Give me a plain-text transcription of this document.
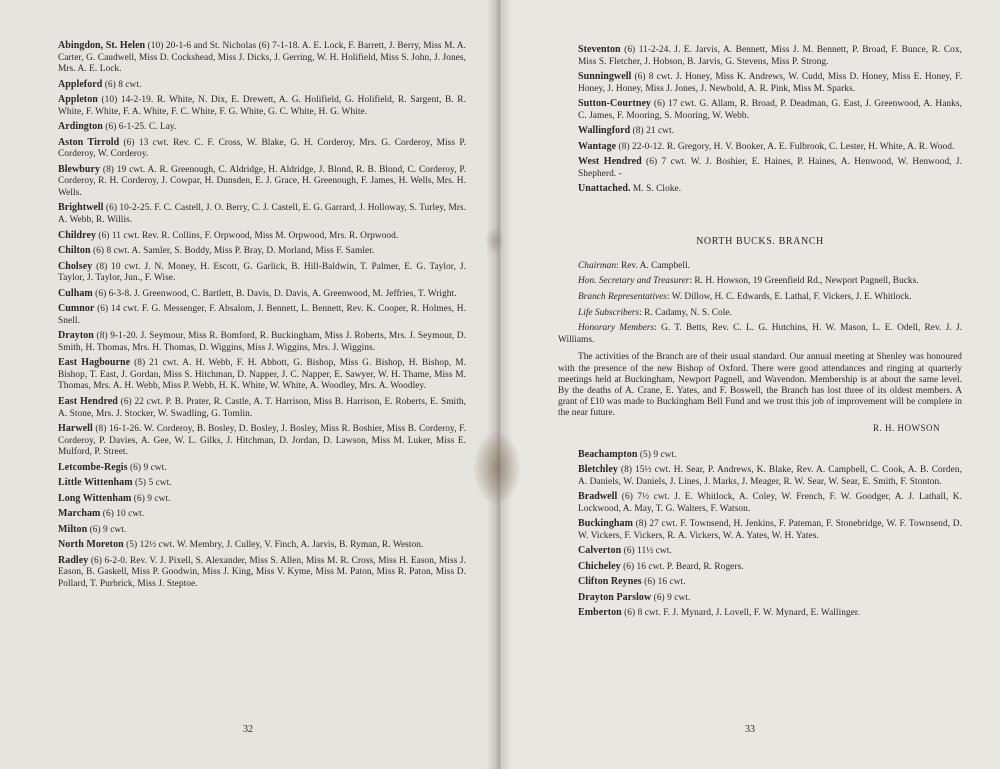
Abingdon, St. Helen (10) 20-1-6 and St. Nicholas (6) 7-1-18. A. E. Lock, F. Barrett, J. Berry, Miss M. A. Carter, G. Caudwell, Miss D. Cockshead, Miss J. Dicks, J. Gerring, W. H. Holifield, Miss S. John, J. Jones, Mrs. A. E. Lock.

Appleford (6) 8 cwt.

Appleton (10) 14-2-19. R. White, N. Dix, E. Drewett, A. G. Holifield, G. Holifield, R. Sargent, B. R. White, F. White, F. A. White, F. C. White, F. G. White, G. C. White, H. G. White.

Ardington (6) 6-1-25. C. Lay.

Aston Tirrold (6) 13 cwt. Rev. C. F. Cross, W. Blake, G. H. Corderoy, Mrs. G. Corderoy, Miss P. Corderoy, W. Corderoy.

Blewbury (8) 19 cwt. A. R. Greenough, C. Aldridge, H. Aldridge, J. Blond, R. B. Blond, C. Corderoy, P. Corderoy, R. H. Corderoy, J. Cowpar, H. Dunsden, E. J. Grace, H. Greenough, F. James, H. Wells, Mrs. H. Wells.

Brightwell (6) 10-2-25. F. C. Castell, J. O. Berry, C. J. Castell, E. G. Garrard, J. Holloway, S. Turley, Mrs. A. Webb, R. Willis.

Childrey (6) 11 cwt. Rev. R. Collins, F. Orpwood, Miss M. Orpwood, Mrs. R. Orpwood.

Chilton (6) 8 cwt. A. Samler, S. Boddy, Miss P. Bray, D. Morland, Miss F. Samler.

Cholsey (8) 10 cwt. J. N. Money, H. Escott, G. Garlick, B. Hill-Baldwin, T. Palmer, E. G. Taylor, J. Taylor, J. Taylor, Jun., F. Wise.

Culham (6) 6-3-8. J. Greenwood, C. Bartlett, B. Davis, D. Davis, A. Greenwood, M. Jeffries, T. Wright.

Cumnor (6) 14 cwt. F. G. Messenger, F. Absalom, J. Bennett, L. Bennett, Rev. K. Cooper, R. Holmes, H. Snell.

Drayton (8) 9-1-20. J. Seymour, Miss R. Bomford, R. Buckingham, Miss J. Roberts, Mrs. J. Seymour, D. Smith, H. Thomas, Mrs. H. Thomas, D. Wiggins, Miss J. Wiggins, Mrs. J. Wiggins.

East Hagbourne (8) 21 cwt. A. H. Webb, F. H. Abbott, G. Bishop, Miss G. Bishop, H. Bishop, M. Bishop, T. East, J. Gordan, Miss S. Hitchman, D. Napper, J. C. Napper, E. Sawyer, W. H. Thame, Miss M. Thomas, Mrs. A. H. Webb, Miss P. Webb, H. K. White, W. White, A. Woodley, Mrs. A. Woodley.

East Hendred (6) 22 cwt. P. B. Prater, R. Castle, A. T. Harrison, Miss B. Harrison, E. Roberts, E. Smith, A. Stone, Mrs. J. Stocker, W. Swadling, G. Tomlin.

Harwell (8) 16-1-26. W. Corderoy, B. Bosley, D. Bosley, J. Bosley, Miss R. Boshier, Miss B. Corderoy, F. Corderoy, P. Davies, A. Gee, W. L. Gilks, J. Hitchman, D. Jordan, D. Lawson, Miss M. Luker, Miss E. Mulford, P. Street.

Letcombe-Regis (6) 9 cwt.

Little Wittenham (5) 5 cwt.

Long Wittenham (6) 9 cwt.

Marcham (6) 10 cwt.

Milton (6) 9 cwt.

North Moreton (5) 12½ cwt. W. Membry, J. Culley, V. Finch, A. Jarvis, B. Ryman, R. Weston.

Radley (6) 6-2-0. Rev. V. J. Pixell, S. Alexander, Miss S. Allen, Miss M. R. Cross, Miss H. Eason, Miss J. Eason, B. Gaskell, Miss P. Goodwin, Miss J. King, Miss V. Kyme, Miss M. Paton, Miss R. Paton, Miss D. Pollard, T. Purbrick, Miss J. Steptoe.

32

Steventon (6) 11-2-24. J. E. Jarvis, A. Bennett, Miss J. M. Bennett, P. Broad, F. Bunce, R. Cox, Miss S. Fletcher, J. Hobson, B. Jarvis, G. Stevens, Miss P. Strong.

Sunningwell (6) 8 cwt. J. Honey, Miss K. Andrews, W. Cudd, Miss D. Honey, Miss E. Honey, F. Honey, J. Honey, Miss J. Jones, J. Newbold, A. R. Pink, Miss M. Sparks.

Sutton-Courtney (6) 17 cwt. G. Allam, R. Broad, P. Deadman, G. East, J. Greenwood, A. Hanks, C. James, F. Mooring, S. Mooring, W. Webb.

Wallingford (8) 21 cwt.

Wantage (8) 22-0-12. R. Gregory, H. V. Booker, A. E. Fulbrook, C. Lester, H. White, A. R. Wood.

West Hendred (6) 7 cwt. W. J. Boshier, E. Haines, P. Haines, A. Henwood, W. Henwood, J. Shepherd. -

Unattached. M. S. Cloke.

NORTH BUCKS. BRANCH

Chairman: Rev. A. Campbell.

Hon. Secretary and Treasurer: R. H. Howson, 19 Greenfield Rd., Newport Pagnell, Bucks.

Branch Representatives: W. Dillow, H. C. Edwards, E. Lathal, F. Vickers, J. E. Whitlock.

Life Subscribers: R. Cadamy, N. S. Cole.

Honorary Members: G. T. Betts, Rev. C. L. G. Hutchins, H. W. Mason, L. E. Odell, Rev. J. J. Williams.

The activities of the Branch are of their usual standard. Our annual meeting at Shenley was honoured with the presence of the new Bishop of Oxford. There were good attendances and ringing at quarterly meetings held at Buckingham, Newport Pagnell, and Wavendon. Membership is at about the same level. By the deaths of A. Crane, E. Yates, and F. Boswell, the Branch has lost three of its oldest members. A grant of £10 was made to Buckingham Bell Fund and we trust this job of improvement will be complete in the near future.

R. H. HOWSON

Beachampton (5) 9 cwt.

Bletchley (8) 15½ cwt. H. Sear, P. Andrews, K. Blake, Rev. A. Campbell, C. Cook, A. B. Corden, A. Daniels, W. Daniels, J. Lines, J. Marks, J. Meager, R. W. Sear, W. Sear, E. Smith, F. Stonton.

Bradwell (6) 7½ cwt. J. E. Whitlock, A. Coley, W. French, F. W. Goodger, A. J. Lathall, K. Lockwood, A. May, T. G. Walters, F. Watson.

Buckingham (8) 27 cwt. F. Townsend, H. Jenkins, F. Pateman, F. Stonebridge, W. F. Townsend, D. W. Vickers, F. Vickers, R. A. Vickers, W. A. Yates, W. H. Yates.

Calverton (6) 11½ cwt.

Chicheley (6) 16 cwt. P. Beard, R. Rogers.

Clifton Reynes (6) 16 cwt.

Drayton Parslow (6) 9 cwt.

Emberton (6) 8 cwt. F. J. Mynard, J. Lovell, F. W. Mynard, E. Wallinger.

33
